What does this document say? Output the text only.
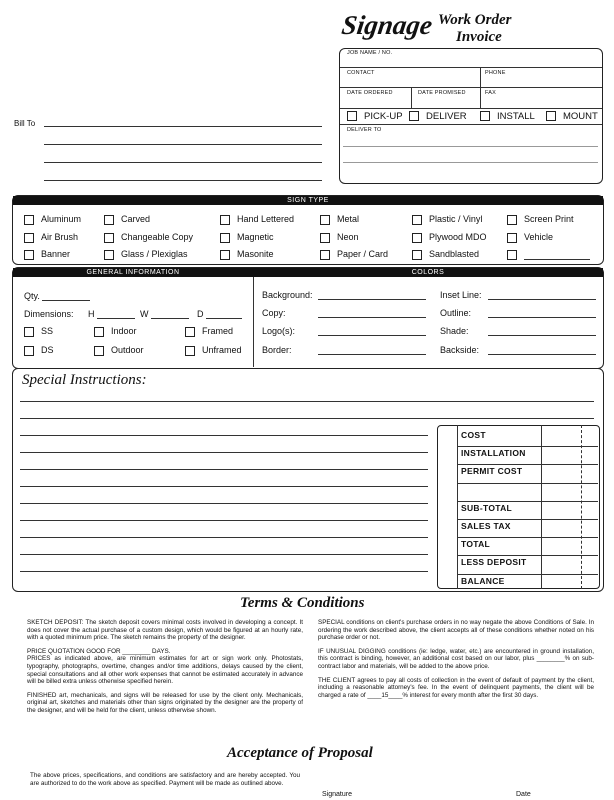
Signage Work Order
Invoice
Bill To
JOB NAME / NO.
CONTACT	PHONE
DATE ORDERED	DATE PROMISED	FAX
PICK-UP	DELIVER	INSTALL	MOUNT
DELIVER TO
SIGN TYPE
Aluminum	Carved	Hand Lettered	Metal	Plastic / Vinyl	Screen Print
Air Brush	Changeable Copy	Magnetic	Neon	Plywood MDO	Vehicle
Banner	Glass / Plexiglas	Masonite	Paper / Card	Sandblasted
GENERAL INFORMATION	COLORS
Qty.
Dimensions: H	W	D
SS	Indoor	Framed
DS	Outdoor	Unframed
Background:
Copy:
Logo(s):
Border:
Inset Line:
Outline:
Shade:
Backside:
Special Instructions:
COST
INSTALLATION
PERMIT COST
SUB-TOTAL
SALES TAX
TOTAL
LESS DEPOSIT
BALANCE
Terms & Conditions

SKETCH DEPOSIT: The sketch deposit covers minimal costs involved in developing a concept. It does not cover the actual purchase of a custom design, which would be figured at an hourly rate, with a quoted minimum price. The sketch remains the property of the designer.

PRICE QUOTATION GOOD FOR ________ DAYS.

PRICES as indicated above, are minimum estimates for art or sign work only. Photostats, typography, photographs, overtime, changes and/or time additions, delays caused by the client, special consultations and all other work expenses that cannot be estimated accurately in advance will be billed extra unless otherwise specified herein.

FINISHED art, mechanicals, and signs will be released for use by the client only. Mechanicals, original art, sketches and materials other than signs originated by the designer are the property of the designer, and will be held for the client, unless otherwise shown.

SPECIAL conditions on client's purchase orders in no way negate the above Conditions of Sale. In ordering the work described above, the client accepts all of these conditions whether noted on his purchase order or not.

IF UNUSUAL DIGGING conditions (ie: ledge, water, etc.) are encountered in ground installation, this contract is binding, however, an additional cost based on our labor, plus ________% on sub-contract labor and materials, will be added to the above price.

THE CLIENT agrees to pay all costs of collection in the event of default of payment by the client, including a reasonable attorney's fee. In the event of delinquent payments, the client will be charged a rate of ____15____% interest for every month after the first 30 days.

Acceptance of Proposal
The above prices, specifications, and conditions are satisfactory and are hereby accepted. You are authorized to do the work above as specified. Payment will be made as outlined above.
Signature	Date
